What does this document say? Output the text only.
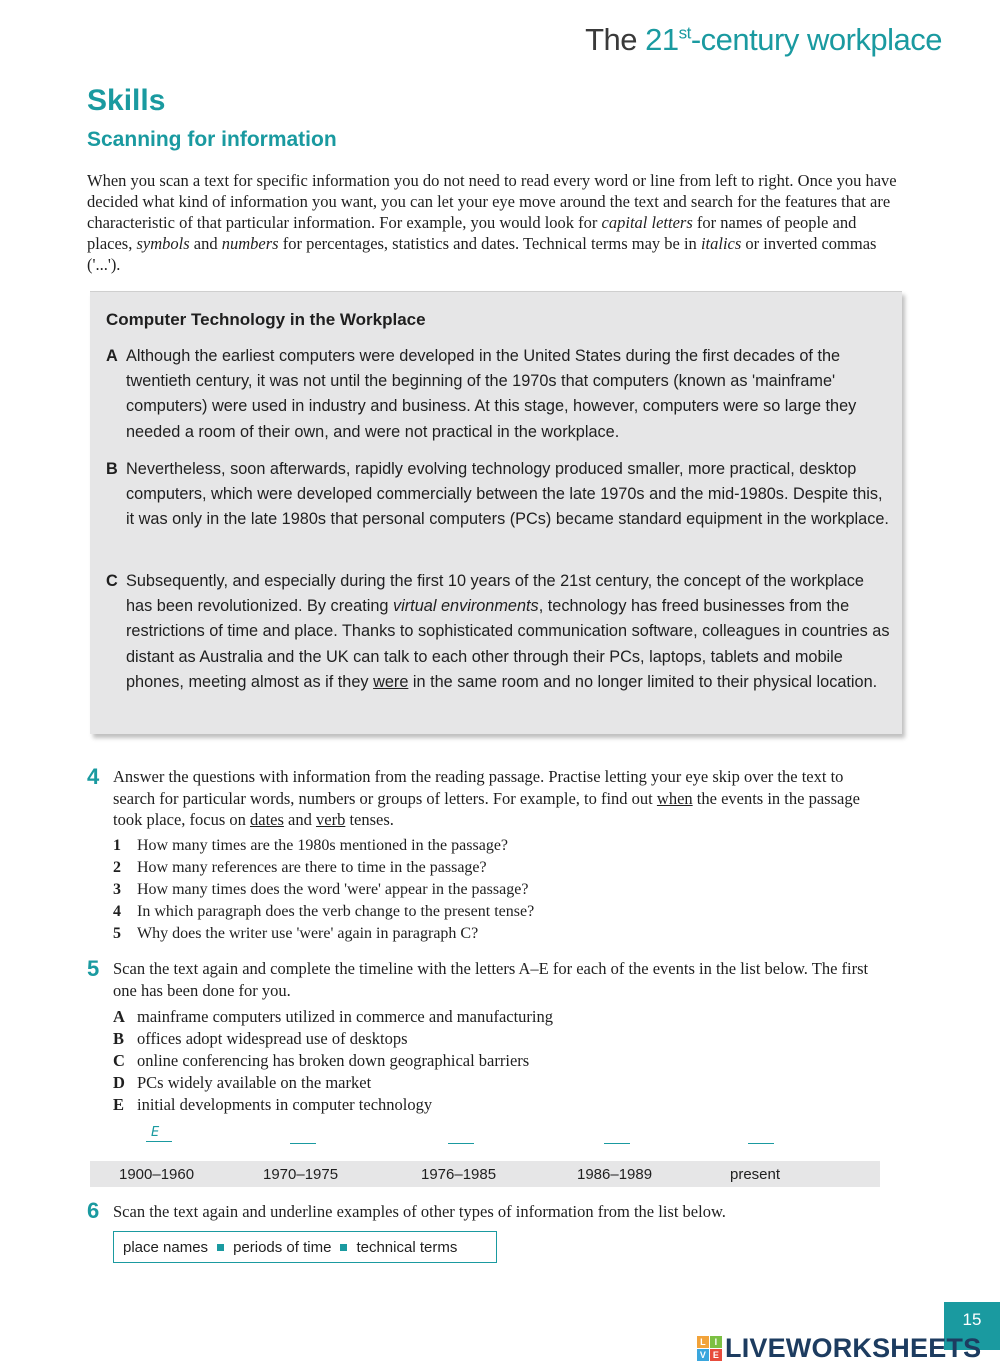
The 21st-century workplace
Skills
Scanning for information
When you scan a text for specific information you do not need to read every word or line from left to right. Once you have decided what kind of information you want, you can let your eye move around the text and search for the features that are characteristic of that particular information. For example, you would look for capital letters for names of people and places, symbols and numbers for percentages, statistics and dates. Technical terms may be in italics or inverted commas ('...').
Computer Technology in the Workplace
A Although the earliest computers were developed in the United States during the first decades of the twentieth century, it was not until the beginning of the 1970s that computers (known as 'mainframe' computers) were used in industry and business. At this stage, however, computers were so large they needed a room of their own, and were not practical in the workplace.
B Nevertheless, soon afterwards, rapidly evolving technology produced smaller, more practical, desktop computers, which were developed commercially between the late 1970s and the mid-1980s. Despite this, it was only in the late 1980s that personal computers (PCs) became standard equipment in the workplace.
C Subsequently, and especially during the first 10 years of the 21st century, the concept of the workplace has been revolutionized. By creating virtual environments, technology has freed businesses from the restrictions of time and place. Thanks to sophisticated communication software, colleagues in countries as distant as Australia and the UK can talk to each other through their PCs, laptops, tablets and mobile phones, meeting almost as if they were in the same room and no longer limited to their physical location.
4 Answer the questions with information from the reading passage. Practise letting your eye skip over the text to search for particular words, numbers or groups of letters. For example, to find out when the events in the passage took place, focus on dates and verb tenses.
1	How many times are the 1980s mentioned in the passage?
2	How many references are there to time in the passage?
3	How many times does the word 'were' appear in the passage?
4	In which paragraph does the verb change to the present tense?
5	Why does the writer use 'were' again in paragraph C?
5 Scan the text again and complete the timeline with the letters A–E for each of the events in the list below. The first one has been done for you.
A mainframe computers utilized in commerce and manufacturing
B offices adopt widespread use of desktops
C online conferencing has broken down geographical barriers
D PCs widely available on the market
E initial developments in computer technology
E
1900–1960	1970–1975	1976–1985	1986–1989	present
6 Scan the text again and underline examples of other types of information from the list below.
place names periods of time technical terms
15
L I
V E LIVEWORKSHEETS
